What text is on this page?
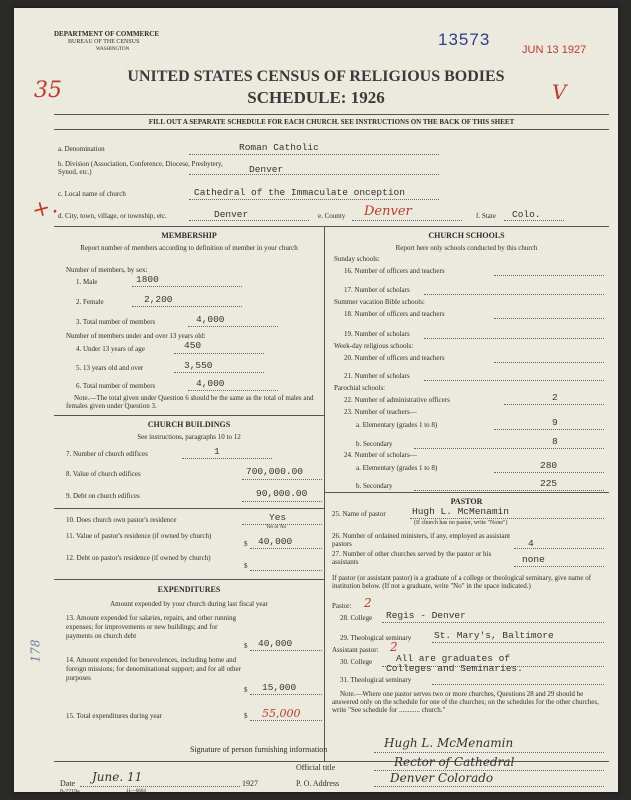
DEPARTMENT OF COMMERCE
BUREAU OF THE CENSUS
WASHINGTON
13573
JUN 13 1927
UNITED STATES CENSUS OF RELIGIOUS BODIES
SCHEDULE: 1926
35	V
FILL OUT A SEPARATE SCHEDULE FOR EACH CHURCH. SEE INSTRUCTIONS ON THE BACK OF THIS SHEET
a. Denomination	Roman Catholic
b. Division (Association, Conference, Diocese, Presbytery, Synod, etc.)	Denver
c. Local name of church	Cathedral of the Immaculate onception
+.
d. City, town, village, or township, etc.	Denver	e. County Denver	f. State Colo.
MEMBERSHIP
Report number of members according to definition of member in your church
Number of members, by sex:
1. Male	1800
2. Female	2,200
3. Total number of members	4,000
Number of members under and over 13 years old:
4. Under 13 years of age	450
5. 13 years old and over	3,550
6. Total number of members	4,000
Note.—The total given under Question 6 should be the same as the total of males and females given under Question 3.
CHURCH BUILDINGS
See instructions, paragraphs 10 to 12
7. Number of church edifices	1
8. Value of church edifices	700,000.00
9. Debt on church edifices	90,000.00
10. Does church own pastor's residence	Yes
Yes or No
11. Value of pastor's residence (if owned by church)
$ 40,000
12. Debt on pastor's residence (if owned by church)
$
EXPENDITURES
Amount expended by your church during last fiscal year
13. Amount expended for salaries, repairs, and other running expenses; for improvements or new buildings; and for payments on church debt
$ 40,000
14. Amount expended for benevolences, including home and foreign missions; for denominational support; and for all other purposes
$ 15,000
15. Total expenditures during year	$ 55,000
178
CHURCH SCHOOLS
Report here only schools conducted by this church
Sunday schools:
16. Number of officers and teachers
17. Number of scholars
Summer vacation Bible schools:
18. Number of officers and teachers
19. Number of scholars
Week-day religious schools:
20. Number of officers and teachers
21. Number of scholars
Parochial schools:
22. Number of administrative officers	2
23. Number of teachers—
a. Elementary (grades 1 to 8)	9
b. Secondary	8
24. Number of scholars—
a. Elementary (grades 1 to 8)	280
b. Secondary	225
PASTOR
25. Name of pastor	Hugh L. McMenamin
(If church has no pastor, write "None")
26. Number of ordained ministers, if any, employed as assistant pastors	4
27. Number of other churches served by the pastor or his assistants	none
If pastor (or assistant pastor) is a graduate of a college or theological seminary, give name of institution below. (If not a graduate, write "No" in the space indicated.)
Pastor: 2
28. College Regis - Denver
29. Theological seminary St. Mary's, Baltimore
Assistant pastor: 2
30. College All are graduates of
Colleges and Seminaries.
31. Theological seminary
Note.—Where one pastor serves two or more churches, Questions 28 and 29 should be answered only on the schedule for one of the churches; on the schedules for the other churches, write "See schedule for ............ church."
Signature of person furnishing information	Hugh L. McMenamin
Official title	Rector of Cathedral
Date June. 11	1927	P. O. Address	Denver Colorado
8-2219a	11—6664
